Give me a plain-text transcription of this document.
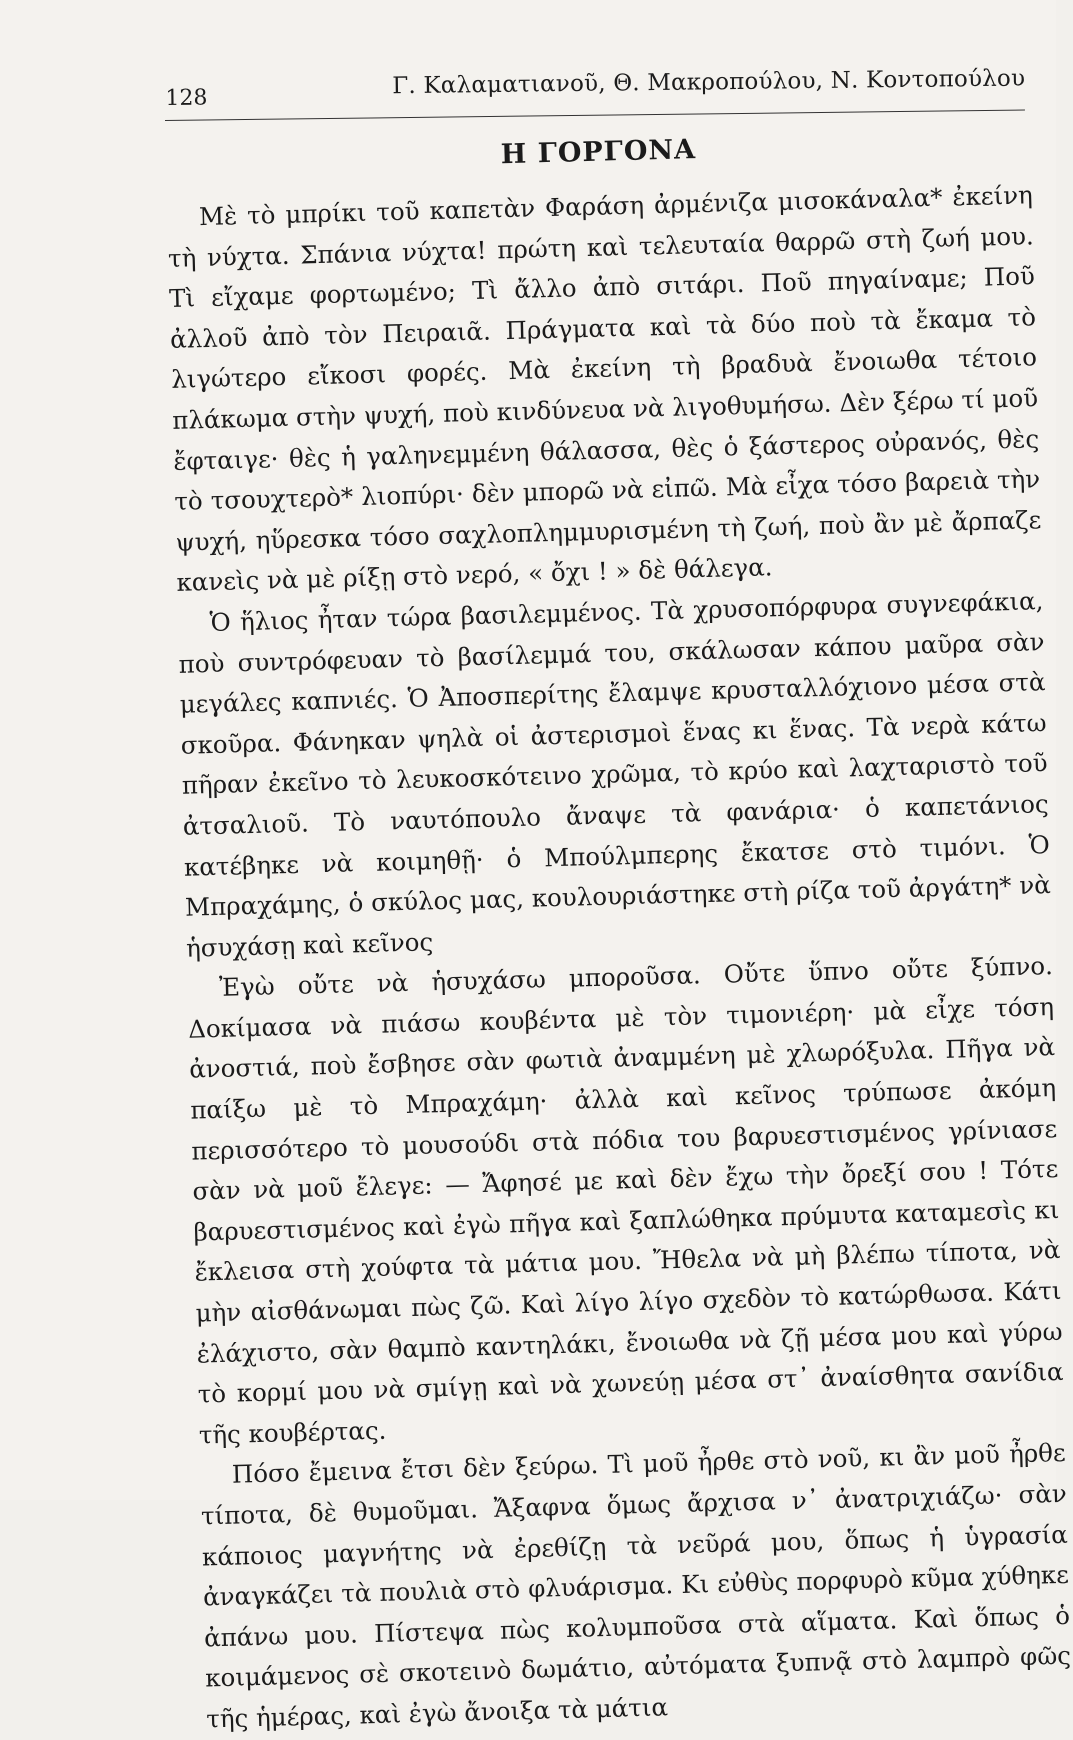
128	Γ. Καλαματιανοῦ, Θ. Μακροπούλου, Ν. Κοντοπούλου
Η ΓΟΡΓΟΝΑ

Μὲ τὸ μπρίκι τοῦ καπετὰν Φαράση ἀρμένιζα μισοκάναλα* ἐκείνη τὴ νύχτα. Σπάνια νύχτα! πρώτη καὶ τελευταία θαρρῶ στὴ ζωή μου. Τὶ εἴχαμε φορτωμένο; Τὶ ἄλλο ἀπὸ σιτάρι. Ποῦ πηγαίναμε; Ποῦ ἀλλοῦ ἀπὸ τὸν Πειραιᾶ. Πράγματα καὶ τὰ δύο ποὺ τὰ ἔκαμα τὸ λιγώτερο εἴκοσι φορές. Μὰ ἐκείνη τὴ βραδυὰ ἔνοιωθα τέτοιο πλάκωμα στὴν ψυχή, ποὺ κινδύνευα νὰ λιγοθυμήσω. Δὲν ξέρω τί μοῦ ἔφταιγε· θὲς ἡ γαληνεμμένη θάλασσα, θὲς ὁ ξάστερος οὐρανός, θὲς τὸ τσουχτερὸ* λιοπύρι· δὲν μπορῶ νὰ εἰπῶ. Μὰ εἶχα τόσο βαρειὰ τὴν ψυχή, ηὕρεσκα τόσο σαχλοπλημμυρισμένη τὴ ζωή, ποὺ ἂν μὲ ἄρπαζε κανεὶς νὰ μὲ ρίξῃ στὸ νερό, « ὄχι ! » δὲ θάλεγα.

Ὁ ἥλιος ἦταν τώρα βασιλεμμένος. Τὰ χρυσοπόρφυρα συγνεφάκια, ποὺ συντρόφευαν τὸ βασίλεμμά του, σκάλωσαν κάπου μαῦρα σὰν μεγάλες καπνιές. Ὁ Ἀποσπερίτης ἔλαμψε κρυσταλλόχιονο μέσα στὰ σκοῦρα. Φάνηκαν ψηλὰ οἱ ἀστερισμοὶ ἕνας κι ἕνας. Τὰ νερὰ κάτω πῆραν ἐκεῖνο τὸ λευκοσκότεινο χρῶμα, τὸ κρύο καὶ λαχταριστὸ τοῦ ἀτσαλιοῦ. Τὸ ναυτόπουλο ἄναψε τὰ φανάρια· ὁ καπετάνιος κατέβηκε νὰ κοιμηθῇ· ὁ Μπούλμπερης ἔκατσε στὸ τιμόνι. Ὁ Μπραχάμης, ὁ σκύλος μας, κουλουριάστηκε στὴ ρίζα τοῦ ἀργάτη* νὰ ἡσυχάσῃ καὶ κεῖνος

Ἐγὼ οὔτε νὰ ἡσυχάσω μποροῦσα. Οὔτε ὕπνο οὔτε ξύπνο. Δοκίμασα νὰ πιάσω κουβέντα μὲ τὸν τιμονιέρη· μὰ εἶχε τόση ἀνοστιά, ποὺ ἔσβησε σὰν φωτιὰ ἀναμμένη μὲ χλωρόξυλα. Πῆγα νὰ παίξω μὲ τὸ Μπραχάμη· ἀλλὰ καὶ κεῖνος τρύπωσε ἀκόμη περισσότερο τὸ μουσούδι στὰ πόδια του βαρυεστισμένος γρίνιασε σὰν νὰ μοῦ ἔλεγε: — Ἄφησέ με καὶ δὲν ἔχω τὴν ὄρεξί σου ! Τότε βαρυεστισμένος καὶ ἐγὼ πῆγα καὶ ξαπλώθηκα πρύμυτα καταμεσὶς κι ἔκλεισα στὴ χούφτα τὰ μάτια μου. Ἤθελα νὰ μὴ βλέπω τίποτα, νὰ μὴν αἰσθάνωμαι πὼς ζῶ. Καὶ λίγο λίγο σχεδὸν τὸ κατώρθωσα. Κάτι ἐλάχιστο, σὰν θαμπὸ καντηλάκι, ἔνοιωθα νὰ ζῇ μέσα μου καὶ γύρω τὸ κορμί μου νὰ σμίγῃ καὶ νὰ χωνεύῃ μέσα στ᾽ ἀναίσθητα σανίδια τῆς κουβέρτας.

Πόσο ἔμεινα ἔτσι δὲν ξεύρω. Τὶ μοῦ ἦρθε στὸ νοῦ, κι ἂν μοῦ ἦρθε τίποτα, δὲ θυμοῦμαι. Ἄξαφνα ὅμως ἄρχισα ν᾽ ἀνατριχιάζω· σὰν κάποιος μαγνήτης νὰ ἐρεθίζῃ τὰ νεῦρά μου, ὅπως ἡ ὑγρασία ἀναγκάζει τὰ πουλιὰ στὸ φλυάρισμα. Κι εὐθὺς πορφυρὸ κῦμα χύθηκε ἀπάνω μου. Πίστεψα πὼς κολυμποῦσα στὰ αἵματα. Καὶ ὅπως ὁ κοιμάμενος σὲ σκοτεινὸ δωμάτιο, αὐτόματα ξυπνᾷ στὸ λαμπρὸ φῶς τῆς ἡμέρας, καὶ ἐγὼ ἄνοιξα τὰ μάτια
